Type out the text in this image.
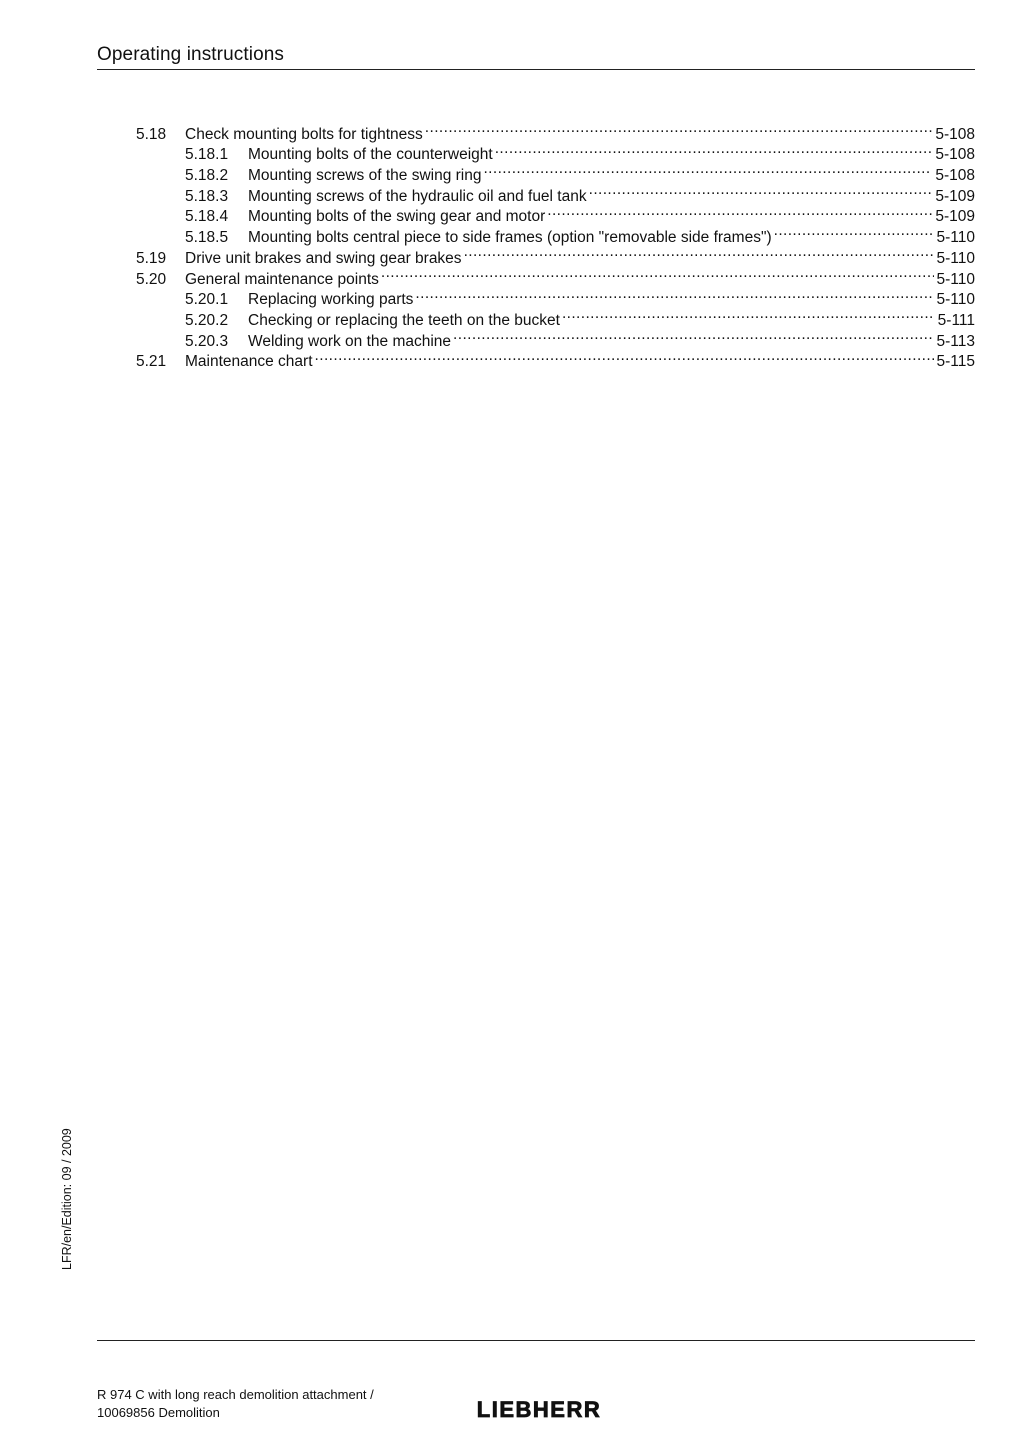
Operating instructions
5.18	Check mounting bolts for tightness .....	5-108
5.18.1	Mounting bolts of the counterweight .....	5-108
5.18.2	Mounting screws of the swing ring .....	5-108
5.18.3	Mounting screws of the hydraulic oil and fuel tank .....	5-109
5.18.4	Mounting bolts of the swing gear and motor .....	5-109
5.18.5	Mounting bolts central piece to side frames (option "removable side frames") .....	5-110
5.19	Drive unit brakes and swing gear brakes .....	5-110
5.20	General maintenance points .....	5-110
5.20.1	Replacing working parts .....	5-110
5.20.2	Checking or replacing the teeth on the bucket .....	5-111
5.20.3	Welding work on the machine .....	5-113
5.21	Maintenance chart .....	5-115
LFR/en/Edition: 09 / 2009
R 974 C with long reach demolition attachment /
10069856 Demolition	LIEBHERR
